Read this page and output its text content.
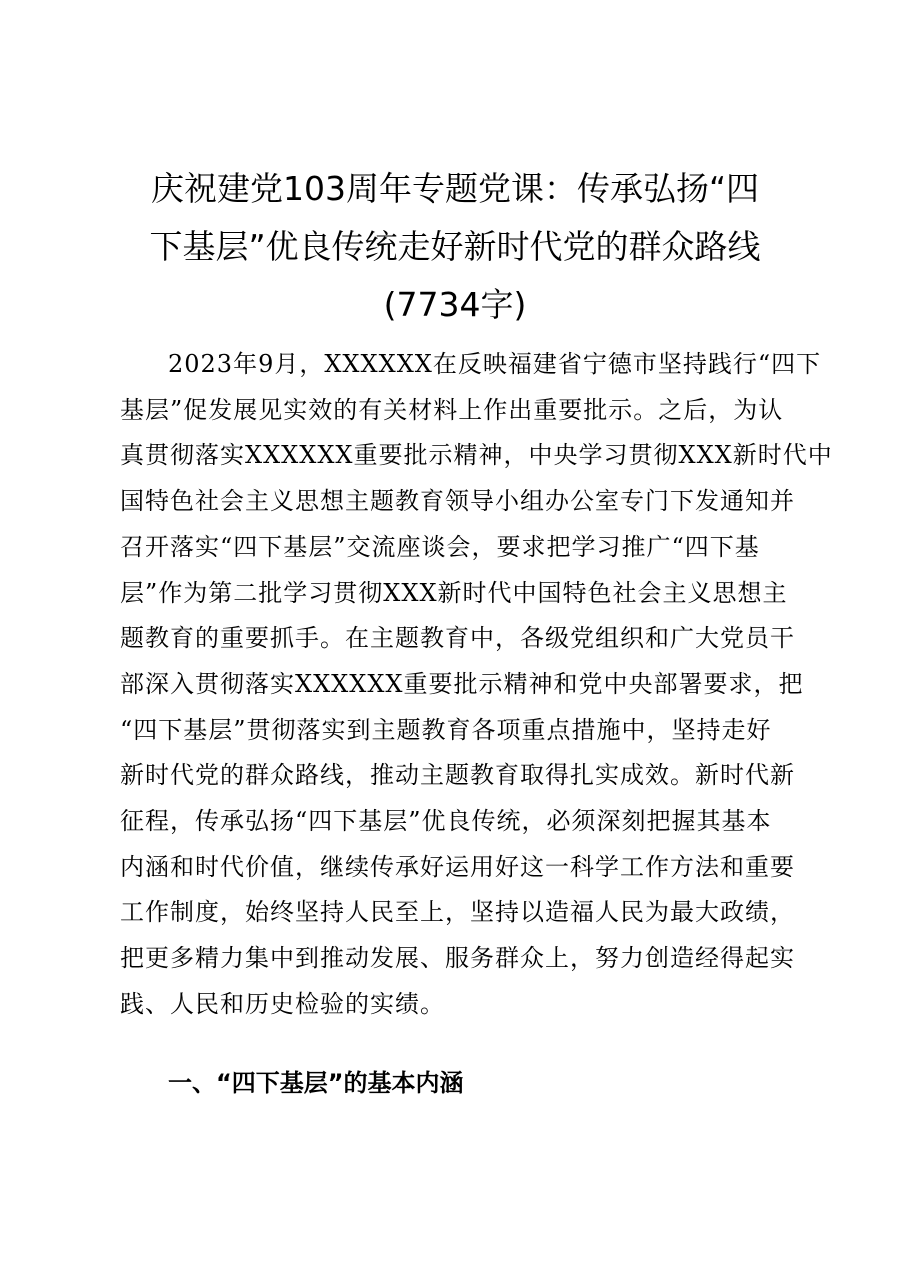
庆祝建党103周年专题党课：传承弘扬“四
下基层”优良传统走好新时代党的群众路线
(7734字)

2023年9月，XXXXXX在反映福建省宁德市坚持践行“四下
基层”促发展见实效的有关材料上作出重要批示。之后，为认
真贯彻落实XXXXXX重要批示精神，中央学习贯彻XXX新时代中
国特色社会主义思想主题教育领导小组办公室专门下发通知并
召开落实“四下基层”交流座谈会，要求把学习推广“四下基
层”作为第二批学习贯彻XXX新时代中国特色社会主义思想主
题教育的重要抓手。在主题教育中，各级党组织和广大党员干
部深入贯彻落实XXXXXX重要批示精神和党中央部署要求，把
“四下基层”贯彻落实到主题教育各项重点措施中，坚持走好
新时代党的群众路线，推动主题教育取得扎实成效。新时代新
征程，传承弘扬“四下基层”优良传统，必须深刻把握其基本
内涵和时代价值，继续传承好运用好这一科学工作方法和重要
工作制度，始终坚持人民至上，坚持以造福人民为最大政绩，
把更多精力集中到推动发展、服务群众上，努力创造经得起实
践、人民和历史检验的实绩。

一、“四下基层”的基本内涵
